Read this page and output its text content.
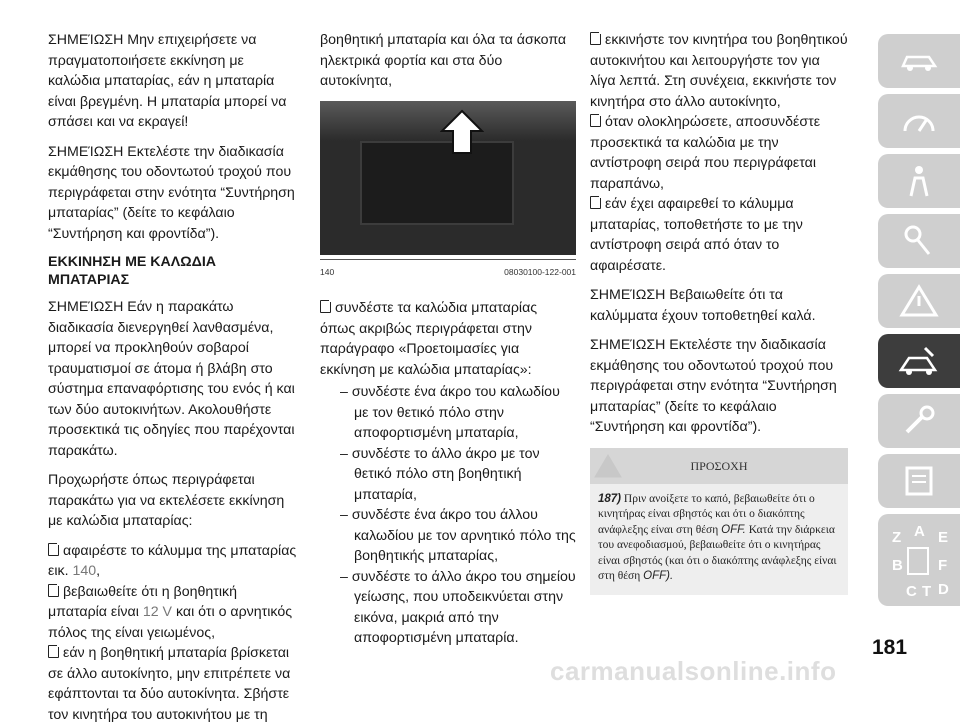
ΣΗΜΕΊΩΣΗ Μην επιχειρήσετε να πραγματοποιήσετε εκκίνηση με καλώδια μπαταρίας, εάν η μπαταρία είναι βρεγμένη. Η μπαταρία μπορεί να σπάσει και να εκραγεί!

ΣΗΜΕΊΩΣΗ Εκτελέστε την διαδικασία εκμάθησης του οδοντωτού τροχού που περιγράφεται στην ενότητα “Συντήρηση μπαταρίας” (δείτε το κεφάλαιο “Συντήρηση και φροντίδα”).

ΕΚΚΙΝΗΣΗ ΜΕ ΚΑΛΩΔΙΑ ΜΠΑΤΑΡΙΑΣ

ΣΗΜΕΊΩΣΗ Εάν η παρακάτω διαδικασία διενεργηθεί λανθασμένα, μπορεί να προκληθούν σοβαροί τραυματισμοί σε άτομα ή βλάβη στο σύστημα επαναφόρτισης του ενός ή και των δύο αυτοκινήτων. Ακολουθήστε προσεκτικά τις οδηγίες που παρέχονται παρακάτω.

Προχωρήστε όπως περιγράφεται παρακάτω για να εκτελέσετε εκκίνηση με καλώδια μπαταρίας:

αφαιρέστε το κάλυμμα της μπαταρίας εικ. 140,
βεβαιωθείτε ότι η βοηθητική μπαταρία είναι 12 V και ότι ο αρνητικός πόλος της είναι γειωμένος,
εάν η βοηθητική μπαταρία βρίσκεται σε άλλο αυτοκίνητο, μην επιτρέπετε να εφάπτονται τα δύο αυτοκίνητα. Σβήστε τον κινητήρα του αυτοκινήτου με τη

βοηθητική μπαταρία και όλα τα άσκοπα ηλεκτρικά φορτία και στα δύο αυτοκίνητα,

140	08030100-122-001
συνδέστε τα καλώδια μπαταρίας όπως ακριβώς περιγράφεται στην παράγραφο «Προετοιμασίες για εκκίνηση με καλώδια μπαταρίας»:
– συνδέστε ένα άκρο του καλωδίου με τον θετικό πόλο στην αποφορτισμένη μπαταρία,
– συνδέστε το άλλο άκρο με τον θετικό πόλο στη βοηθητική μπαταρία,
– συνδέστε ένα άκρο του άλλου καλωδίου με τον αρνητικό πόλο της βοηθητικής μπαταρίας,
– συνδέστε το άλλο άκρο του σημείου γείωσης, που υποδεικνύεται στην εικόνα, μακριά από την αποφορτισμένη μπαταρία.
εκκινήστε τον κινητήρα του βοηθητικού αυτοκινήτου και λειτουργήστε τον για λίγα λεπτά. Στη συνέχεια, εκκινήστε τον κινητήρα στο άλλο αυτοκίνητο,
όταν ολοκληρώσετε, αποσυνδέστε προσεκτικά τα καλώδια με την αντίστροφη σειρά που περιγράφεται παραπάνω,
εάν έχει αφαιρεθεί το κάλυμμα μπαταρίας, τοποθετήστε το με την αντίστροφη σειρά από όταν το αφαιρέσατε.

ΣΗΜΕΊΩΣΗ Βεβαιωθείτε ότι τα καλύμματα έχουν τοποθετηθεί καλά.

ΣΗΜΕΊΩΣΗ Εκτελέστε την διαδικασία εκμάθησης του οδοντωτού τροχού που περιγράφεται στην ενότητα “Συντήρηση μπαταρίας” (δείτε το κεφάλαιο “Συντήρηση και φροντίδα”).

ΠΡΟΣΟΧΗ
187) Πριν ανοίξετε το καπό, βεβαιωθείτε ότι ο κινητήρας είναι σβηστός και ότι ο διακόπτης ανάφλεξης είναι στη θέση OFF. Κατά την διάρκεια του ανεφοδιασμού, βεβαιωθείτε ότι ο κινητήρας είναι σβηστός (και ότι ο διακόπτης ανάφλεξης είναι στη θέση OFF).
Z A E
B F
C T D
carmanualsonline.info
181
